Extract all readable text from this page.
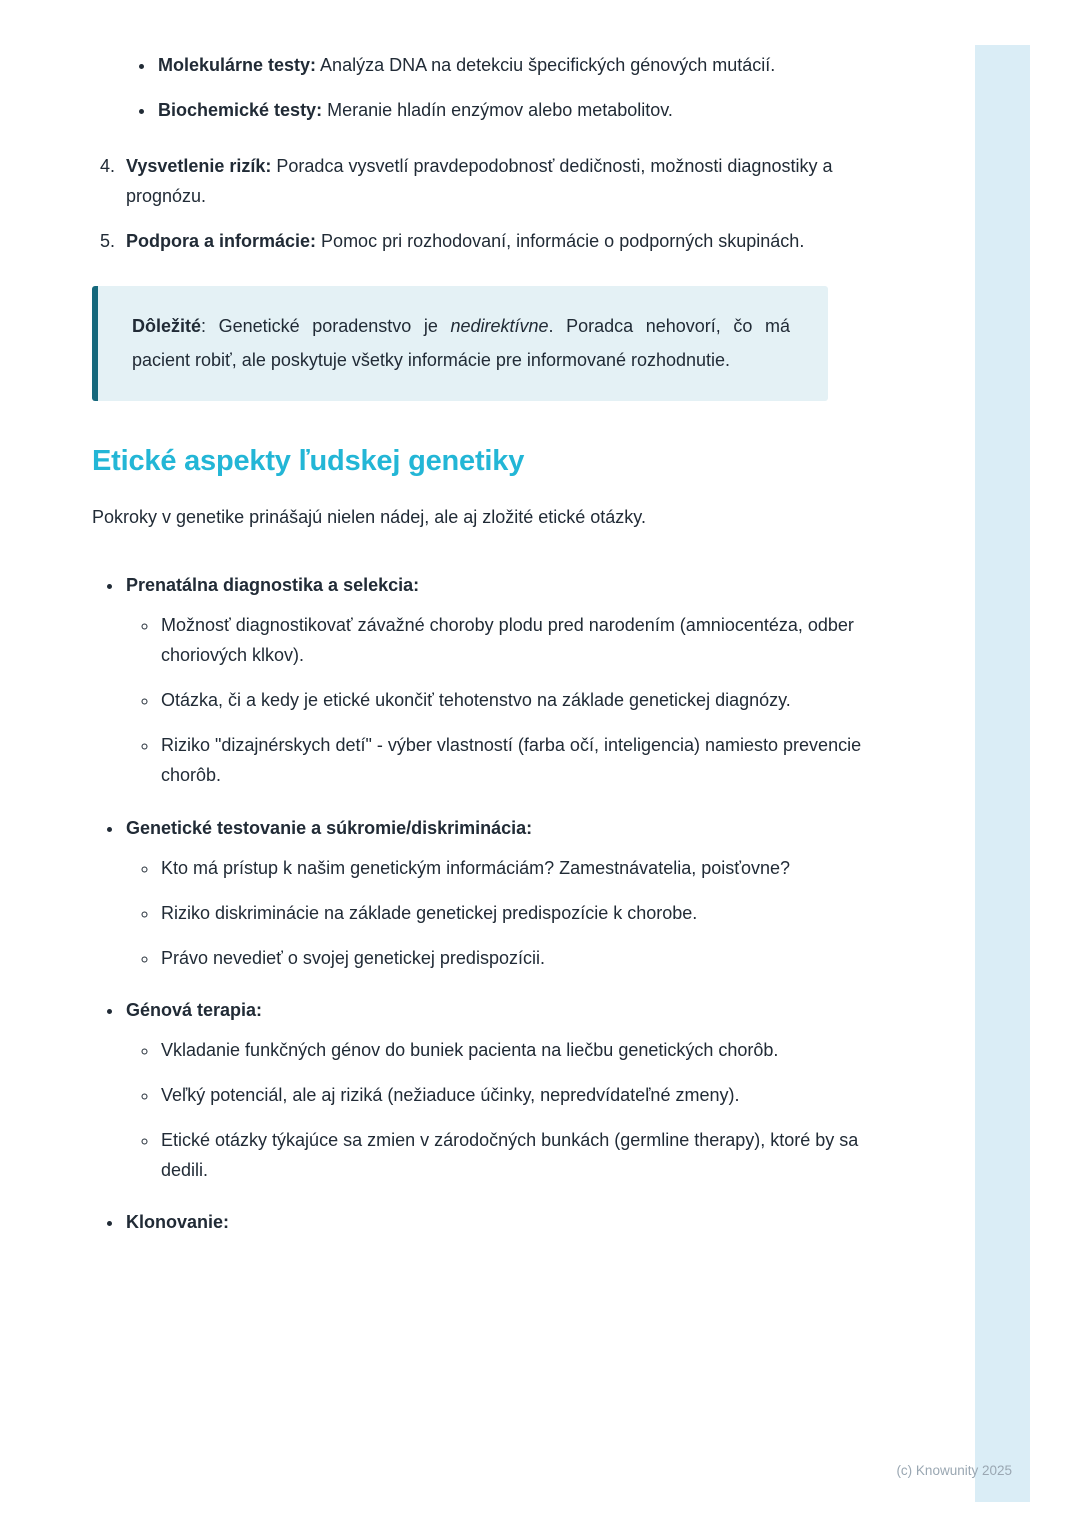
• Molekulárne testy: Analýza DNA na detekciu špecifických génových mutácií.
• Biochemické testy: Meranie hladín enzýmov alebo metabolitov.
4. Vysvetlenie rizík: Poradca vysvetlí pravdepodobnosť dedičnosti, možnosti diagnostiky a prognózu.
5. Podpora a informácie: Pomoc pri rozhodovaní, informácie o podporných skupinách.

Dôležité: Genetické poradenstvo je nedirektívne. Poradca nehovorí, čo má pacient robiť, ale poskytuje všetky informácie pre informované rozhodnutie.

Etické aspekty ľudskej genetiky

Pokroky v genetike prinášajú nielen nádej, ale aj zložité etické otázky.

• Prenatálna diagnostika a selekcia:
◦ Možnosť diagnostikovať závažné choroby plodu pred narodením (amniocentéza, odber choriových klkov).
◦ Otázka, či a kedy je etické ukončiť tehotenstvo na základe genetickej diagnózy.
◦ Riziko "dizajnérskych detí" - výber vlastností (farba očí, inteligencia) namiesto prevencie chorôb.
• Genetické testovanie a súkromie/diskriminácia:
◦ Kto má prístup k našim genetickým informáciám? Zamestnávatelia, poisťovne?
◦ Riziko diskriminácie na základe genetickej predispozície k chorobe.
◦ Právo nevedieť o svojej genetickej predispozícii.
• Génová terapia:
◦ Vkladanie funkčných génov do buniek pacienta na liečbu genetických chorôb.
◦ Veľký potenciál, ale aj riziká (nežiaduce účinky, nepredvídateľné zmeny).
◦ Etické otázky týkajúce sa zmien v zárodočných bunkách (germline therapy), ktoré by sa dedili.
• Klonovanie:
(c) Knowunity 2025
